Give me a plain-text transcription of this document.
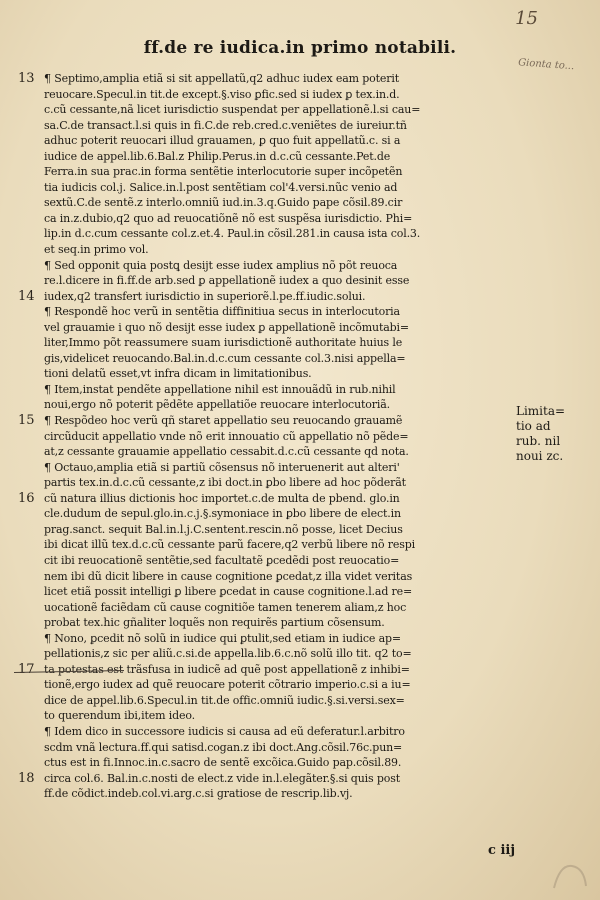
15
ff.de re iudica.in primo notabili.
Gionta to...
13
14
15
16
17
18
¶ Septimo,amplia etiã si sit appellatũ,q2 adhuc iudex eam poterit
reuocare.Specul.in tit.de except.§.viso ꝑfic.sed si iudex ꝑ tex.in.d.
c.cũ cessante,nã licet iurisdictio suspendat per appellationẽ.l.si cau=
sa.C.de transact.l.si quis in fi.C.de reb.cred.c.veniẽtes de iureiur.tñ
adhuc poterit reuocari illud grauamen, ꝑ quo fuit appellatũ.c. si a
iudice de appel.lib.6.Bal.z Philip.Perus.in d.c.cũ cessante.Pet.de
Ferra.in sua prac.in forma sentẽtie interlocutorie super incõpetẽn
tia iudicis col.j. Salice.in.l.post sentẽtiam col'4.versi.nũc venio ad
sextũ.C.de sentẽ.z interlo.omniũ iud.in.3.q.Guido pape cõsil.89.cir
ca in.z.dubio,q2 quo ad reuocatiõnẽ nõ est suspẽsa iurisdictio. Phi=
lip.in d.c.cum cessante col.z.et.4. Paul.in cõsil.281.in causa ista col.3.
et seq.in primo vol.
¶ Sed opponit quia postꝗ desijt esse iudex amplius nõ põt reuoca
re.l.dicere in fi.ff.de arb.sed ꝑ appellationẽ iudex a quo desinit esse
iudex,q2 transfert iurisdictio in superiorẽ.l.pe.ff.iudic.solui.
¶ Respondẽ hoc verũ in sentẽtia diffinitiua secus in interlocutoria
vel grauamie i quo nõ desijt esse iudex ꝑ appellationẽ incõmutabi=
liter,Immo põt reassumere suam iurisdictionẽ authoritate huius le
gis,videlicet reuocando.Bal.in.d.c.cum cessante col.3.nisi appella=
tioni delatũ esset,vt infra dicam in limitationibus.
¶ Item,instat pendẽte appellatione nihil est innouãdũ in rub.nihil
noui,ergo nõ poterit pẽdẽte appellatiõe reuocare interlocutoriã.
¶ Respõdeo hoc verũ qñ staret appellatio seu reuocando grauamẽ
circũducit appellatio vnde nõ erit innouatio cũ appellatio nõ pẽde=
at,z cessante grauamie appellatio cessabit.d.c.cũ cessante qd nota.
¶ Octauo,amplia etiã si partiũ cõsensus nõ interuenerit aut alteri'
partis tex.in.d.c.cũ cessante,z ibi doct.in ꝑbo libere ad hoc põderãt
cũ natura illius dictionis hoc importet.c.de multa de pbend. glo.in
cle.dudum de sepul.glo.in.c.j.§.symoniace in ꝑbo libere de elect.in
prag.sanct. sequit Bal.in.l.j.C.sentent.rescin.nõ posse, licet Decius
ibi dicat illũ tex.d.c.cũ cessante parũ facere,q2 verbũ libere nõ respi
cit ibi reuocationẽ sentẽtie,sed facultatẽ ꝑcedẽdi post reuocatio=
nem ibi dũ dicit libere in cause cognitione ꝑcedat,z illa videt veritas
licet etiã possit intelligi ꝑ libere ꝑcedat in cause cognitione.l.ad re=
uocationẽ faciẽdam cũ cause cognitiõe tamen tenerem aliam,z hoc
probat tex.hic gñaliter loquẽs non requirẽs partium cõsensum.
¶ Nono, ꝑcedit nõ solũ in iudice qui ꝑtulit,sed etiam in iudice ap=
pellationis,z sic per aliũ.c.si.de appella.lib.6.c.nõ solũ illo tit. q2 to=
ta potestas est trãsfusa in iudicẽ ad quẽ post appellationẽ z inhibi=
tionẽ,ergo iudex ad quẽ reuocare poterit cõtrario imperio.c.si a iu=
dice de appel.lib.6.Specul.in tit.de offic.omniũ iudic.§.si.versi.sex=
to querendum ibi,item ideo.
¶ Idem dico in successore iudicis si causa ad eũ deferatur.l.arbitro
scdm vnã lectura.ff.qui satisd.cogan.z ibi doct.Ang.cõsil.76c.pun=
ctus est in fi.Innoc.in.c.sacro de sentẽ excõica.Guido pap.cõsil.89.
circa col.6. Bal.in.c.nosti de elect.z vide in.l.elegãter.§.si quis post
ff.de cõdict.indeb.col.vi.arg.c.si gratiose de rescrip.lib.vj.
Limita=
tio ad
rub. nil
noui zc.
c iij
